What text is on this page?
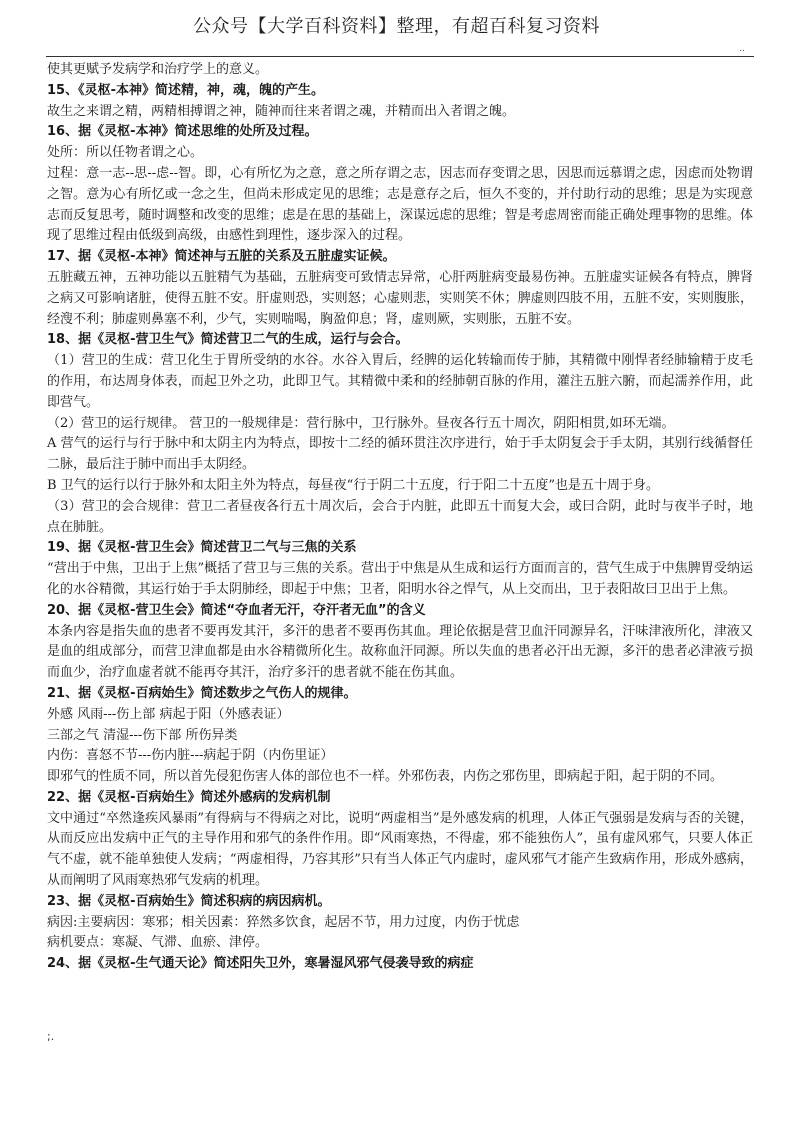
公众号【大学百科资料】整理，有超百科复习资料
..

使其更赋予发病学和治疗学上的意义。

15、《灵枢-本神》简述精，神，魂，魄的产生。

故生之来谓之精，两精相搏谓之神，随神而往来者谓之魂，并精而出入者谓之魄。

16、据《灵枢-本神》简述思维的处所及过程。

处所：所以任物者谓之心。

过程：意一志--思--虑--智。即，心有所忆为之意，意之所存谓之志，因志而存变谓之思，因思而远慕谓之虑，因虑而处物谓之智。意为心有所忆或一念之生，但尚未形成定见的思维；志是意存之后，恒久不变的，并付助行动的思维；思是为实现意志而反复思考，随时调整和改变的思维；虑是在思的基础上，深谋远虑的思维；智是考虑周密而能正确处理事物的思维。体现了思维过程由低级到高级，由感性到理性，逐步深入的过程。

17、据《灵枢-本神》简述神与五脏的关系及五脏虚实证候。

五脏藏五神，五神功能以五脏精气为基础，五脏病变可致情志异常，心肝两脏病变最易伤神。五脏虚实证候各有特点，脾肾之病又可影响诸脏，使得五脏不安。肝虚则恐，实则怒；心虚则悲，实则笑不休；脾虚则四肢不用，五脏不安，实则腹胀，经溲不利；肺虚则鼻塞不利，少气，实则喘喝，胸盈仰息；肾，虚则厥，实则胀，五脏不安。

18、据《灵枢-营卫生气》简述营卫二气的生成，运行与会合。

（1）营卫的生成：营卫化生于胃所受纳的水谷。水谷入胃后，经脾的运化转输而传于肺，其精微中刚悍者经肺输精于皮毛的作用，布达周身体表，而起卫外之功，此即卫气。其精微中柔和的经肺朝百脉的作用，灌注五脏六腑，而起濡养作用，此即营气。

（2）营卫的运行规律。 营卫的一般规律是：营行脉中，卫行脉外。昼夜各行五十周次，阴阳相贯,如环无端。

A 营气的运行与行于脉中和太阴主内为特点，即按十二经的循环贯注次序进行，始于手太阴复会于手太阴，其别行线循督任二脉，最后注于肺中而出手太阴经。

B 卫气的运行以行于脉外和太阳主外为特点，每昼夜“行于阴二十五度，行于阳二十五度”也是五十周于身。

（3）营卫的会合规律：营卫二者昼夜各行五十周次后，会合于内脏，此即五十而复大会，或曰合阴，此时与夜半子时，地点在肺脏。

19、据《灵枢-营卫生会》简述营卫二气与三焦的关系

“营出于中焦，卫出于上焦”概括了营卫与三焦的关系。营出于中焦是从生成和运行方面而言的，营气生成于中焦脾胃受纳运化的水谷精微，其运行始于手太阴肺经，即起于中焦；卫者，阳明水谷之悍气，从上交而出，卫于表阳故曰卫出于上焦。

20、据《灵枢-营卫生会》简述“夺血者无汗，夺汗者无血”的含义

本条内容是指失血的患者不要再发其汗，多汗的患者不要再伤其血。理论依据是营卫血汗同源异名，汗味津液所化，津液又是血的组成部分，而营卫津血都是由水谷精微所化生。故称血汗同源。所以失血的患者必汗出无源，多汗的患者必津液亏损而血少，治疗血虚者就不能再夺其汗，治疗多汗的患者就不能在伤其血。

21、据《灵枢-百病始生》简述数步之气伤人的规律。

外感 风雨---伤上部 病起于阳（外感表证）

三部之气 清湿---伤下部 所伤异类

内伤：喜怒不节---伤内脏---病起于阴（内伤里证）

即邪气的性质不同，所以首先侵犯伤害人体的部位也不一样。外邪伤表，内伤之邪伤里，即病起于阳，起于阴的不同。

22、据《灵枢-百病始生》简述外感病的发病机制

文中通过“卒然逢疾风暴雨”有得病与不得病之对比，说明“两虚相当”是外感发病的机理，人体正气强弱是发病与否的关键，从而反应出发病中正气的主导作用和邪气的条件作用。即“风雨寒热，不得虚，邪不能独伤人”，虽有虚风邪气，只要人体正气不虚，就不能单独使人发病；“两虚相得，乃容其形”只有当人体正气内虚时，虚风邪气才能产生致病作用，形成外感病，从而阐明了风雨寒热邪气发病的机理。

23、据《灵枢-百病始生》简述积病的病因病机。

病因:主要病因：寒邪；相关因素：猝然多饮食，起居不节，用力过度，内伤于忧虑

病机要点：寒凝、气滞、血瘀、津停。

24、据《灵枢-生气通天论》简述阳失卫外，寒暑湿风邪气侵袭导致的病症

;.
